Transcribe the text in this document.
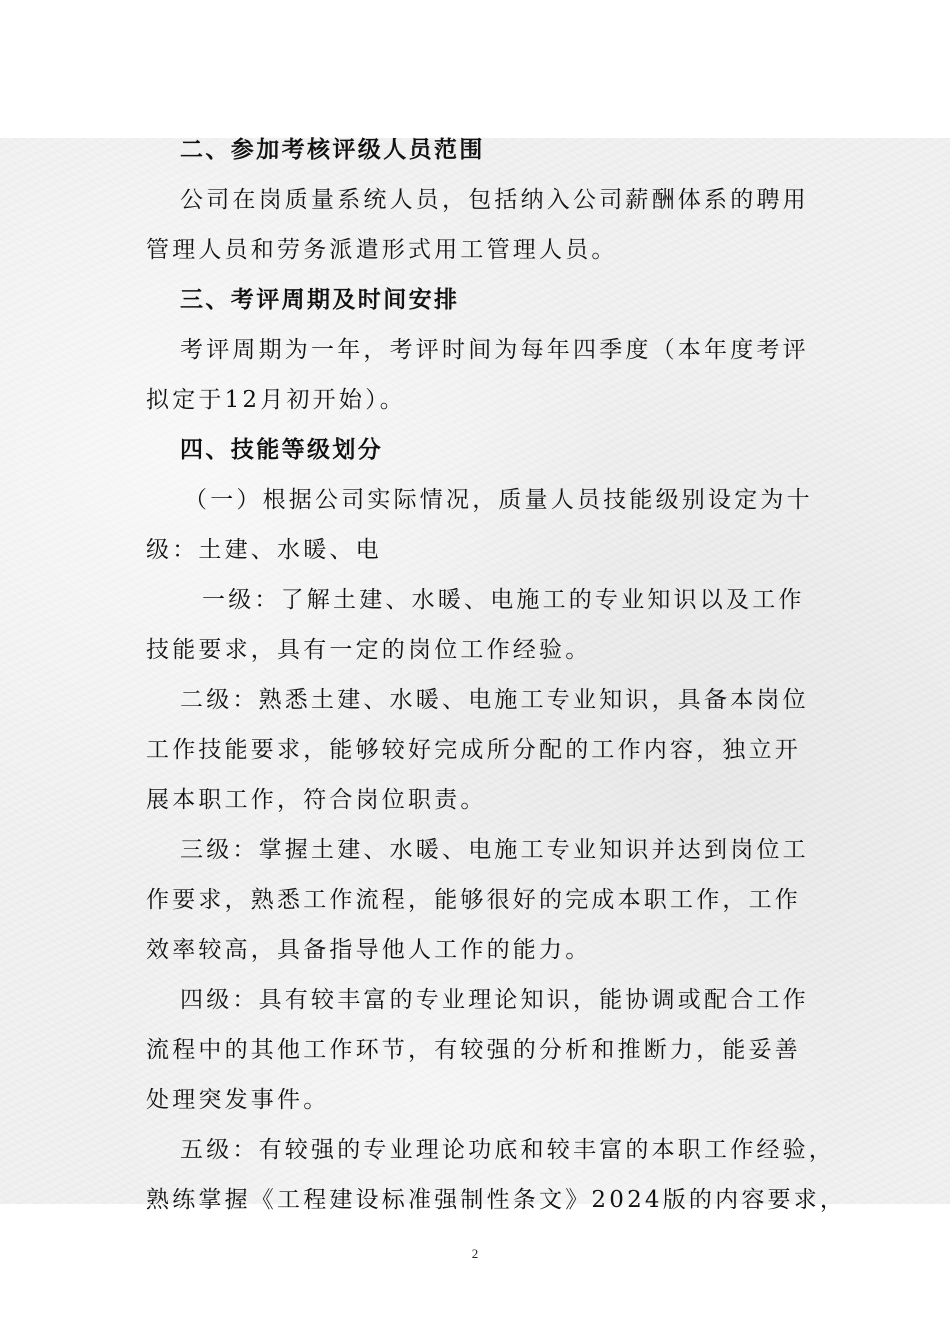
二、参加考核评级人员范围
公司在岗质量系统人员，包括纳入公司薪酬体系的聘用
管理人员和劳务派遣形式用工管理人员。
三、考评周期及时间安排
考评周期为一年，考评时间为每年四季度（本年度考评
拟定于12月初开始）。
四、技能等级划分
（一）根据公司实际情况，质量人员技能级别设定为十
级：土建、水暖、电
一级：了解土建、水暖、电施工的专业知识以及工作
技能要求，具有一定的岗位工作经验。
二级：熟悉土建、水暖、电施工专业知识，具备本岗位
工作技能要求，能够较好完成所分配的工作内容，独立开
展本职工作，符合岗位职责。
三级：掌握土建、水暖、电施工专业知识并达到岗位工
作要求，熟悉工作流程，能够很好的完成本职工作，工作
效率较高，具备指导他人工作的能力。
四级：具有较丰富的专业理论知识，能协调或配合工作
流程中的其他工作环节，有较强的分析和推断力，能妥善
处理突发事件。
五级：有较强的专业理论功底和较丰富的本职工作经验，
熟练掌握《工程建设标准强制性条文》2024版的内容要求，
2
